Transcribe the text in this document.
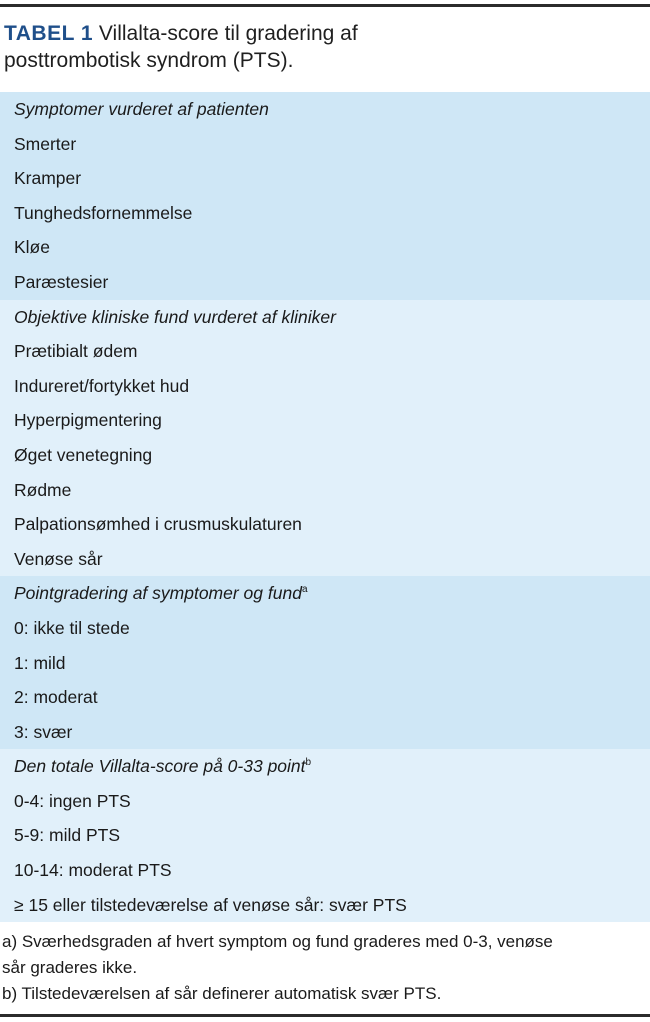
TABEL 1 Villalta-score til gradering af
posttrombotisk syndrom (PTS).
Symptomer vurderet af patienten
Smerter
Kramper
Tunghedsfornemmelse
Kløe
Paræstesier
Objektive kliniske fund vurderet af kliniker
Prætibialt ødem
Indureret/fortykket hud
Hyperpigmentering
Øget venetegning
Rødme
Palpationsømhed i crusmuskulaturen
Venøse sår
Pointgradering af symptomer og fund$^a$
0: ikke til stede
1: mild
2: moderat
3: svær
Den totale Villalta-score på 0-33 point$^b$
0-4: ingen PTS
5-9: mild PTS
10-14: moderat PTS
≥ 15 eller tilstedeværelse af venøse sår: svær PTS

a) Sværhedsgraden af hvert symptom og fund graderes med 0-3, venøse
sår graderes ikke.

b) Tilstedeværelsen af sår definerer automatisk svær PTS.
